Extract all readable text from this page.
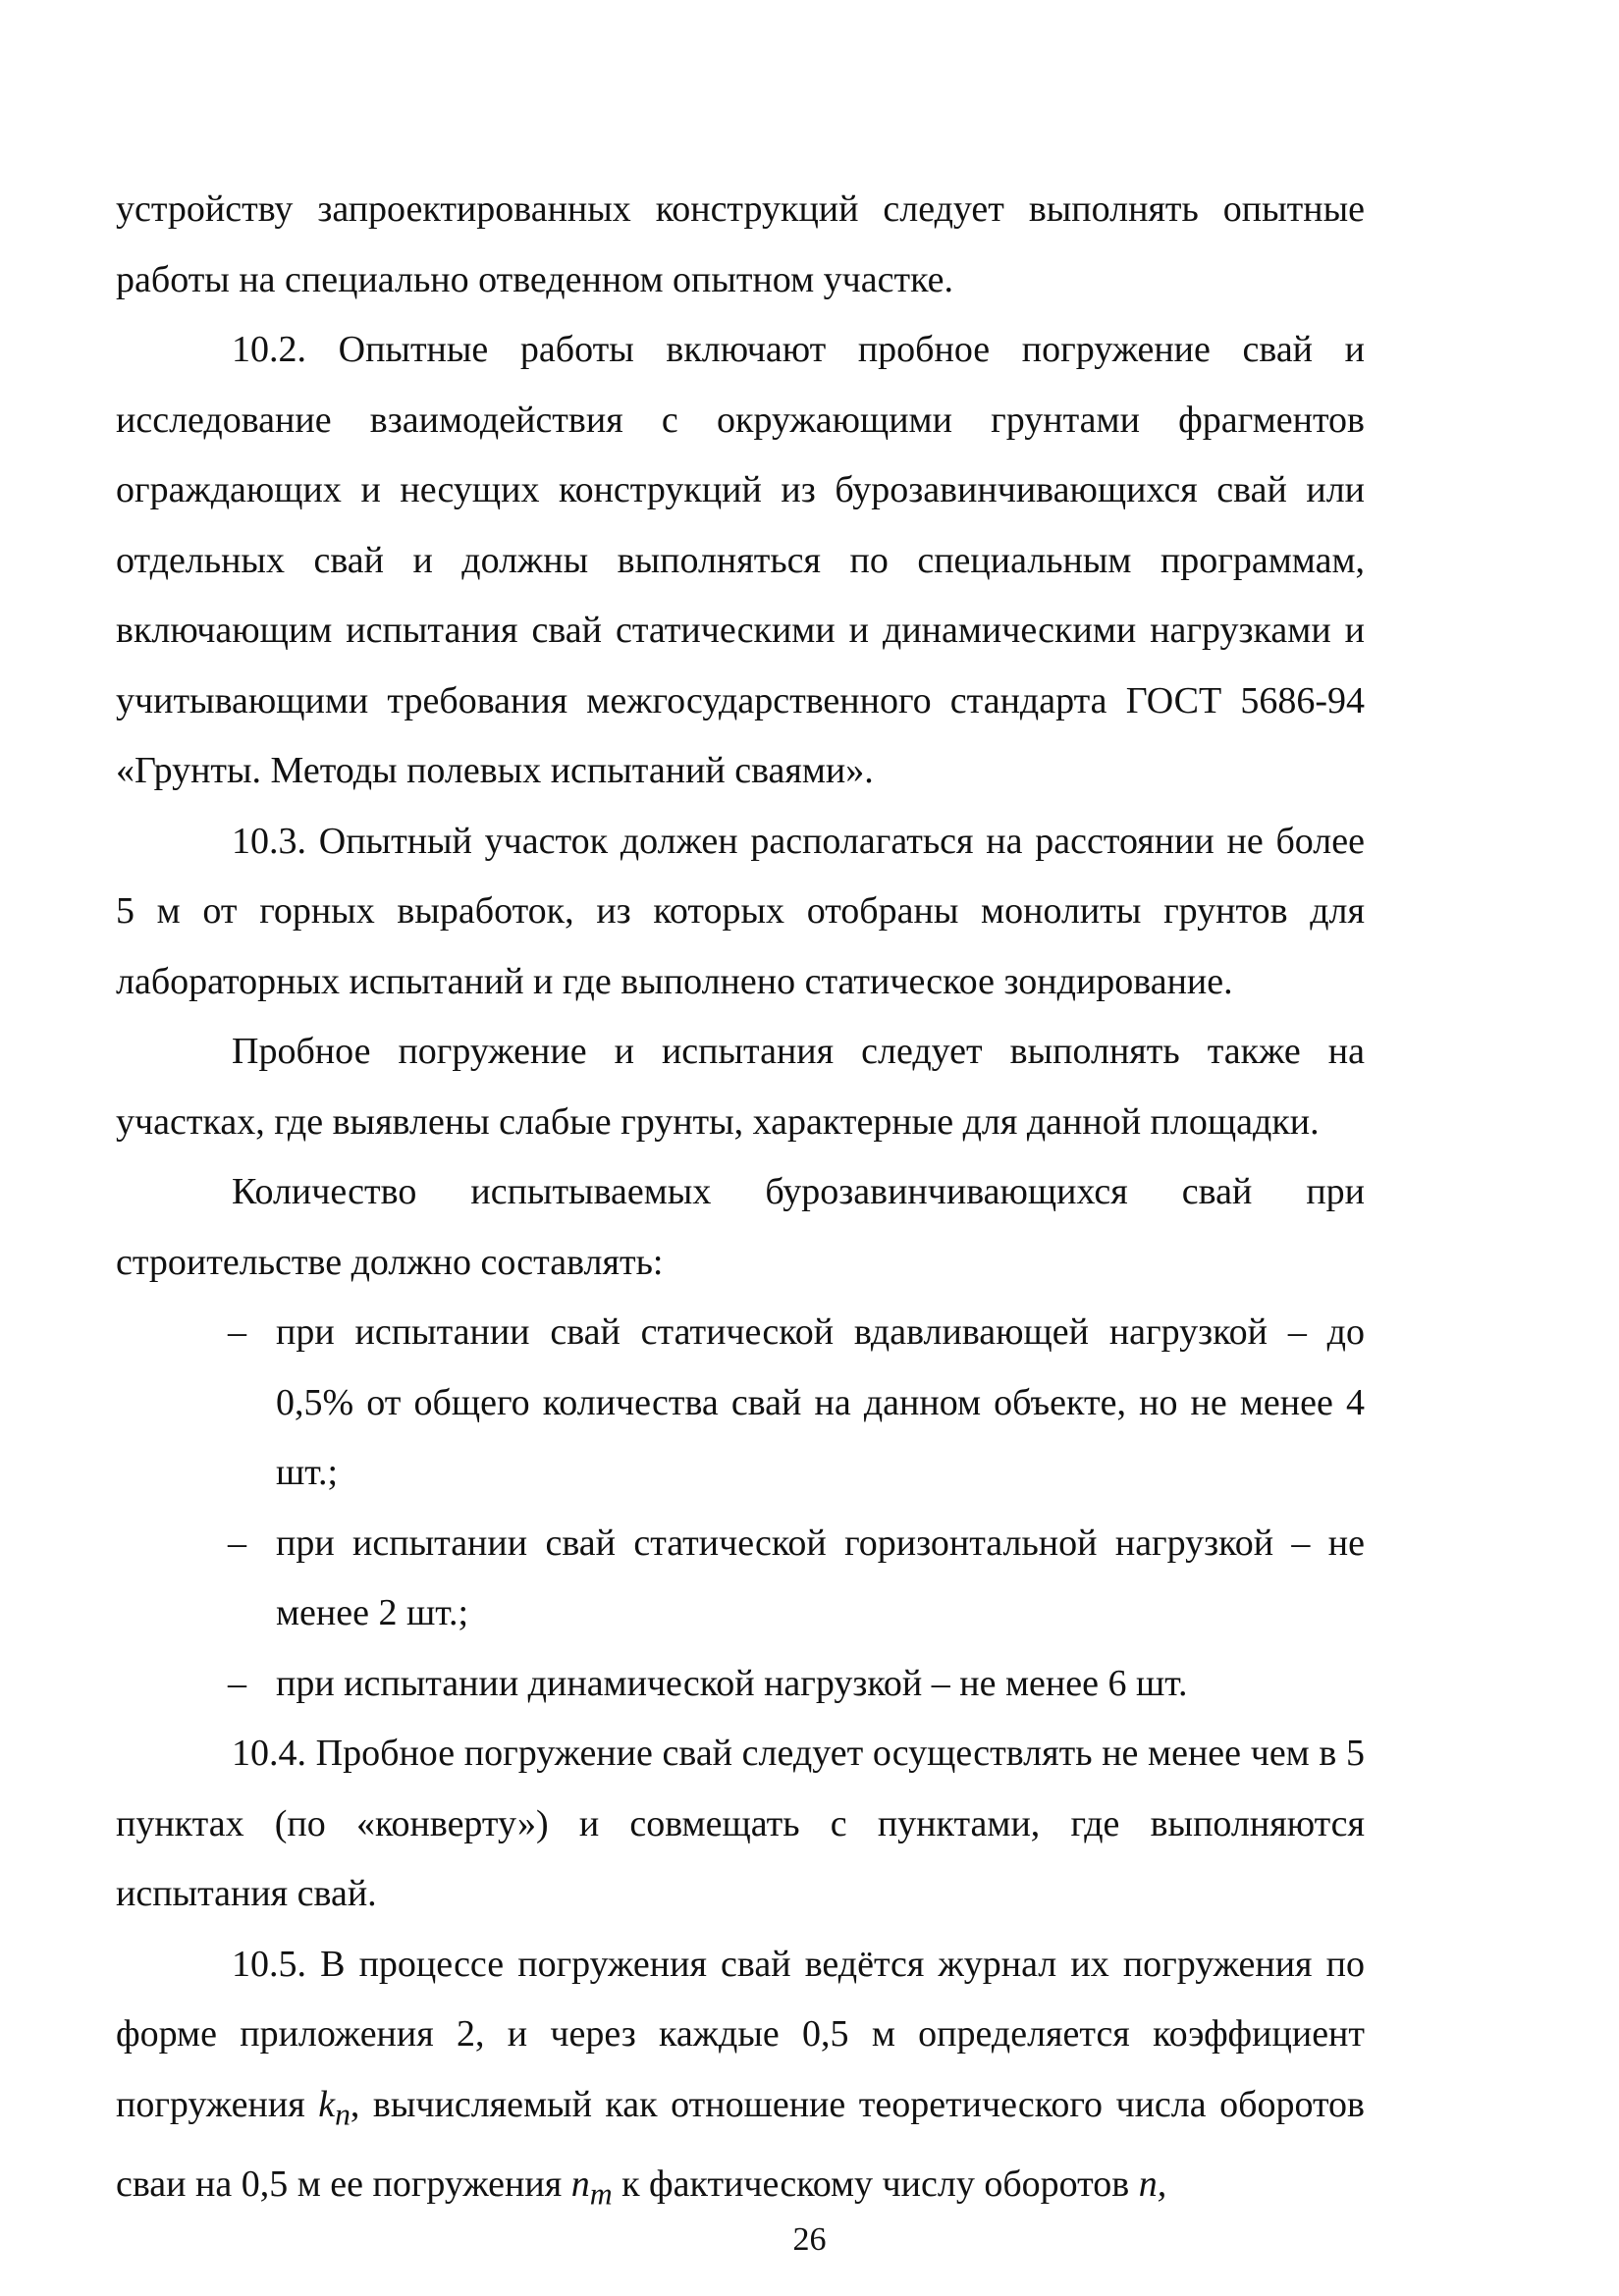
устройству запроектированных конструкций следует выполнять опытные работы на специально отведенном опытном участке.

10.2. Опытные работы включают пробное погружение свай и исследование взаимодействия с окружающими грунтами фрагментов ограждающих и несущих конструкций из бурозавинчивающихся свай или отдельных свай и должны выполняться по специальным программам, включающим испытания свай статическими и динамическими нагрузками и учитывающими требования межгосударственного стандарта ГОСТ 5686-94 «Грунты. Методы полевых испытаний сваями».

10.3. Опытный участок должен располагаться на расстоянии не более 5 м от горных выработок, из которых отобраны монолиты грунтов для лабораторных испытаний и где выполнено статическое зондирование.

Пробное погружение и испытания следует выполнять также на участках, где выявлены слабые грунты, характерные для данной площадки.

Количество испытываемых бурозавинчивающихся свай при строительстве должно составлять:

– при испытании свай статической вдавливающей нагрузкой – до 0,5% от общего количества свай на данном объекте, но не менее 4 шт.;
– при испытании свай статической горизонтальной нагрузкой – не менее 2 шт.;
– при испытании динамической нагрузкой – не менее 6 шт.

10.4. Пробное погружение свай следует осуществлять не менее чем в 5 пунктах (по «конверту») и совмещать с пунктами, где выполняются испытания свай.

10.5. В процессе погружения свай ведётся журнал их погружения по форме приложения 2, и через каждые 0,5 м определяется коэффициент погружения $k_п$, вычисляемый как отношение теоретического числа оборотов сваи на 0,5 м ее погружения $n_т$ к фактическому числу оборотов n,

26
